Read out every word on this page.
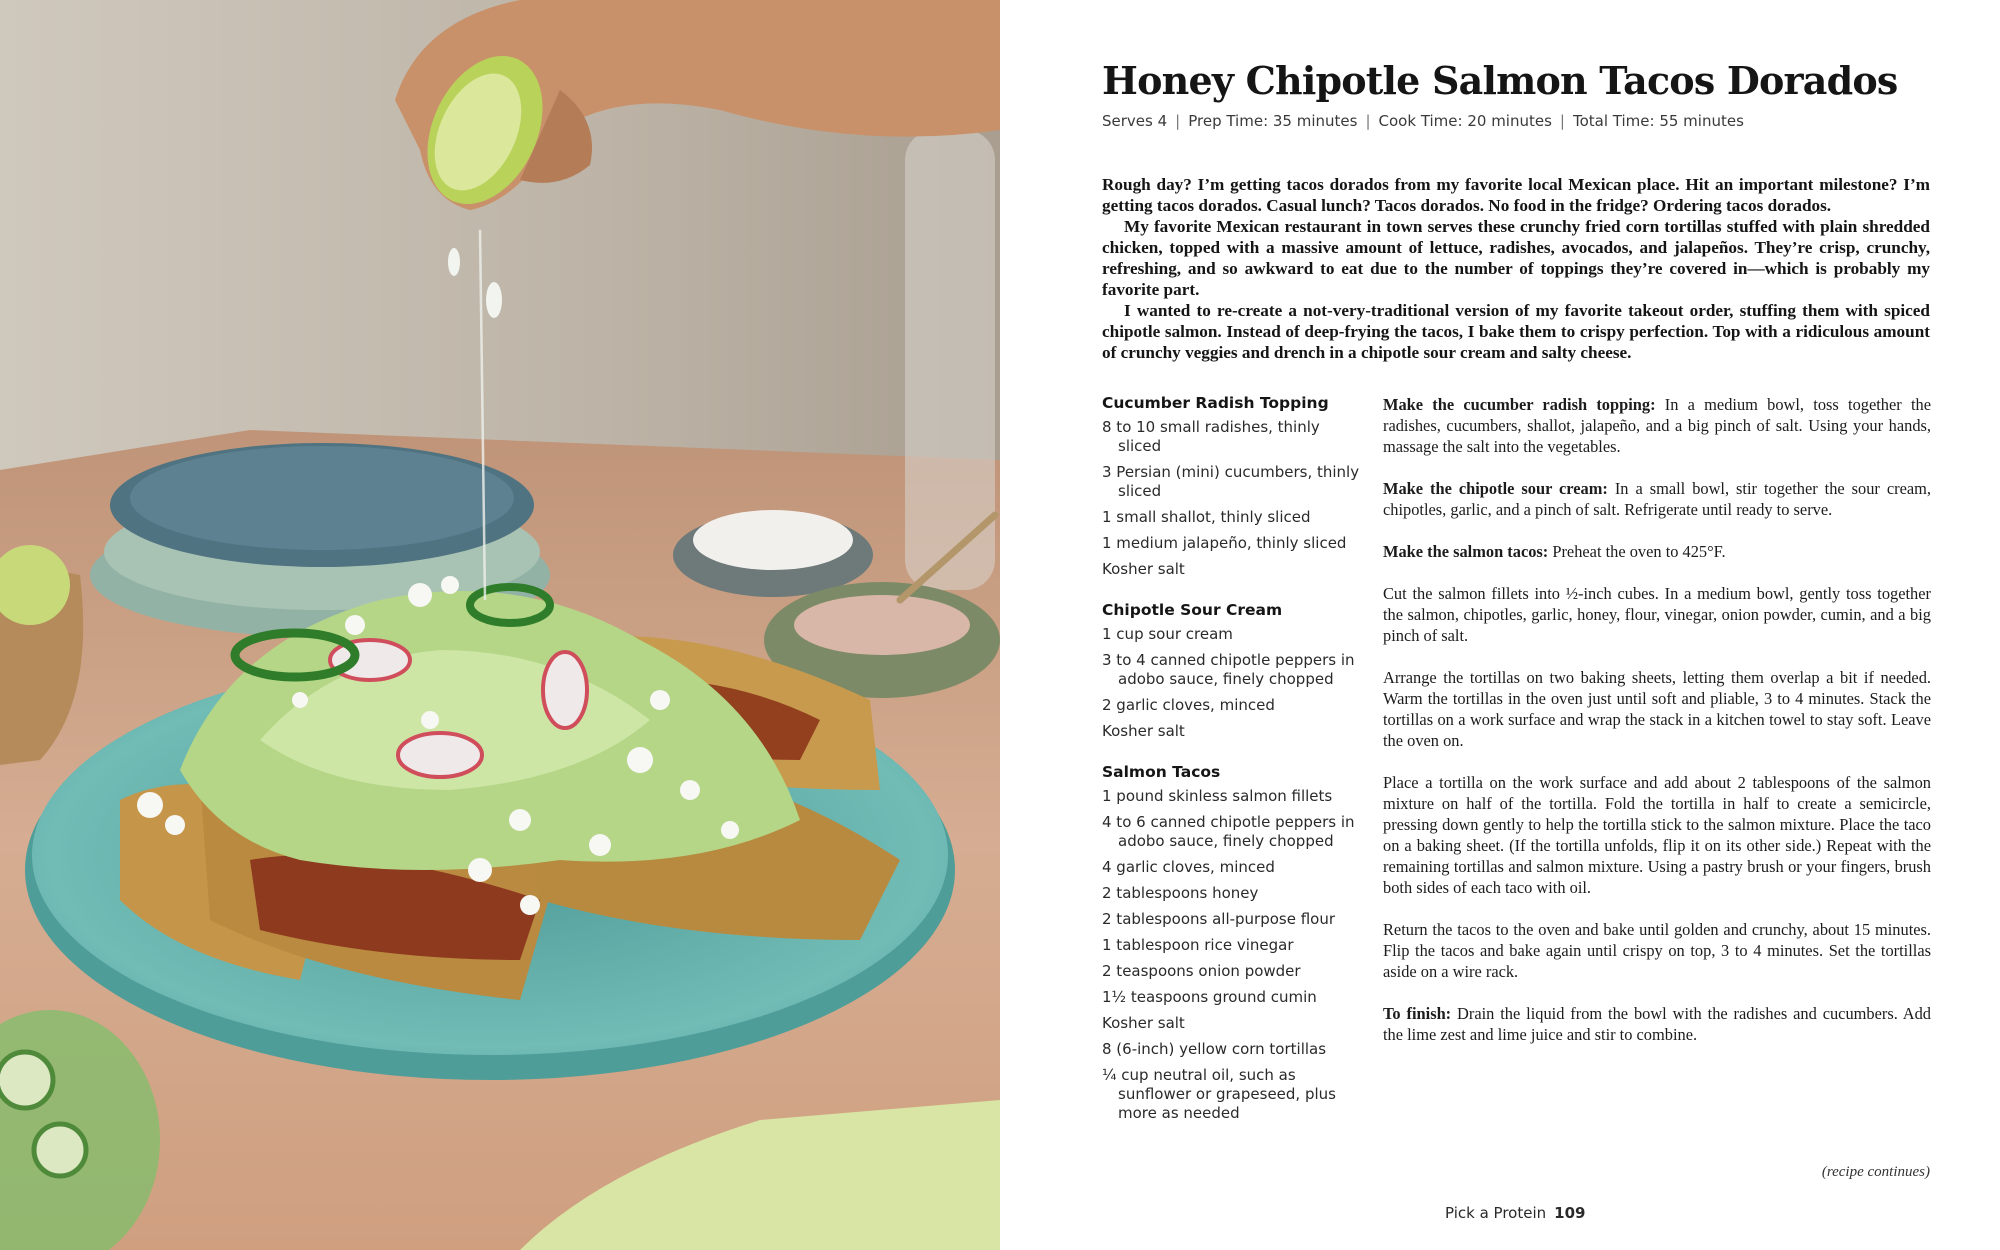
Honey Chipotle Salmon Tacos Dorados
Serves 4 | Prep Time: 35 minutes | Cook Time: 20 minutes | Total Time: 55 minutes

Rough day? I’m getting tacos dorados from my favorite local Mexican place. Hit an important milestone? I’m getting tacos dorados. Casual lunch? Tacos dorados. No food in the fridge? Ordering tacos dorados.

My favorite Mexican restaurant in town serves these crunchy fried corn tortillas stuffed with plain shredded chicken, topped with a massive amount of lettuce, radishes, avocados, and jalapeños. They’re crisp, crunchy, refreshing, and so awkward to eat due to the number of toppings they’re covered in—which is probably my favorite part.

I wanted to re-create a not-very-traditional version of my favorite takeout order, stuffing them with spiced chipotle salmon. Instead of deep-frying the tacos, I bake them to crispy perfection. Top with a ridiculous amount of crunchy veggies and drench in a chipotle sour cream and salty cheese.

Cucumber Radish Topping
8 to 10 small radishes, thinly sliced
3 Persian (mini) cucumbers, thinly sliced
1 small shallot, thinly sliced
1 medium jalapeño, thinly sliced
Kosher salt
Chipotle Sour Cream
1 cup sour cream
3 to 4 canned chipotle peppers in adobo sauce, finely chopped
2 garlic cloves, minced
Kosher salt
Salmon Tacos
1 pound skinless salmon fillets
4 to 6 canned chipotle peppers in adobo sauce, finely chopped
4 garlic cloves, minced
2 tablespoons honey
2 tablespoons all-purpose flour
1 tablespoon rice vinegar
2 teaspoons onion powder
1½ teaspoons ground cumin
Kosher salt
8 (6-inch) yellow corn tortillas
¼ cup neutral oil, such as sunflower or grapeseed, plus more as needed

Make the cucumber radish topping: In a medium bowl, toss together the radishes, cucumbers, shallot, jalapeño, and a big pinch of salt. Using your hands, massage the salt into the vegetables.

Make the chipotle sour cream: In a small bowl, stir together the sour cream, chipotles, garlic, and a pinch of salt. Refrigerate until ready to serve.

Make the salmon tacos: Preheat the oven to 425°F.

Cut the salmon fillets into ½-inch cubes. In a medium bowl, gently toss together the salmon, chipotles, garlic, honey, flour, vinegar, onion powder, cumin, and a big pinch of salt.

Arrange the tortillas on two baking sheets, letting them overlap a bit if needed. Warm the tortillas in the oven just until soft and pliable, 3 to 4 minutes. Stack the tortillas on a work surface and wrap the stack in a kitchen towel to stay soft. Leave the oven on.

Place a tortilla on the work surface and add about 2 tablespoons of the salmon mixture on half of the tortilla. Fold the tortilla in half to create a semicircle, pressing down gently to help the tortilla stick to the salmon mixture. Place the taco on a baking sheet. (If the tortilla unfolds, flip it on its other side.) Repeat with the remaining tortillas and salmon mixture. Using a pastry brush or your fingers, brush both sides of each taco with oil.

Return the tacos to the oven and bake until golden and crunchy, about 15 minutes. Flip the tacos and bake again until crispy on top, 3 to 4 minutes. Set the tortillas aside on a wire rack.

To finish: Drain the liquid from the bowl with the radishes and cucumbers. Add the lime zest and lime juice and stir to combine.

(recipe continues)
Pick a Protein 109
